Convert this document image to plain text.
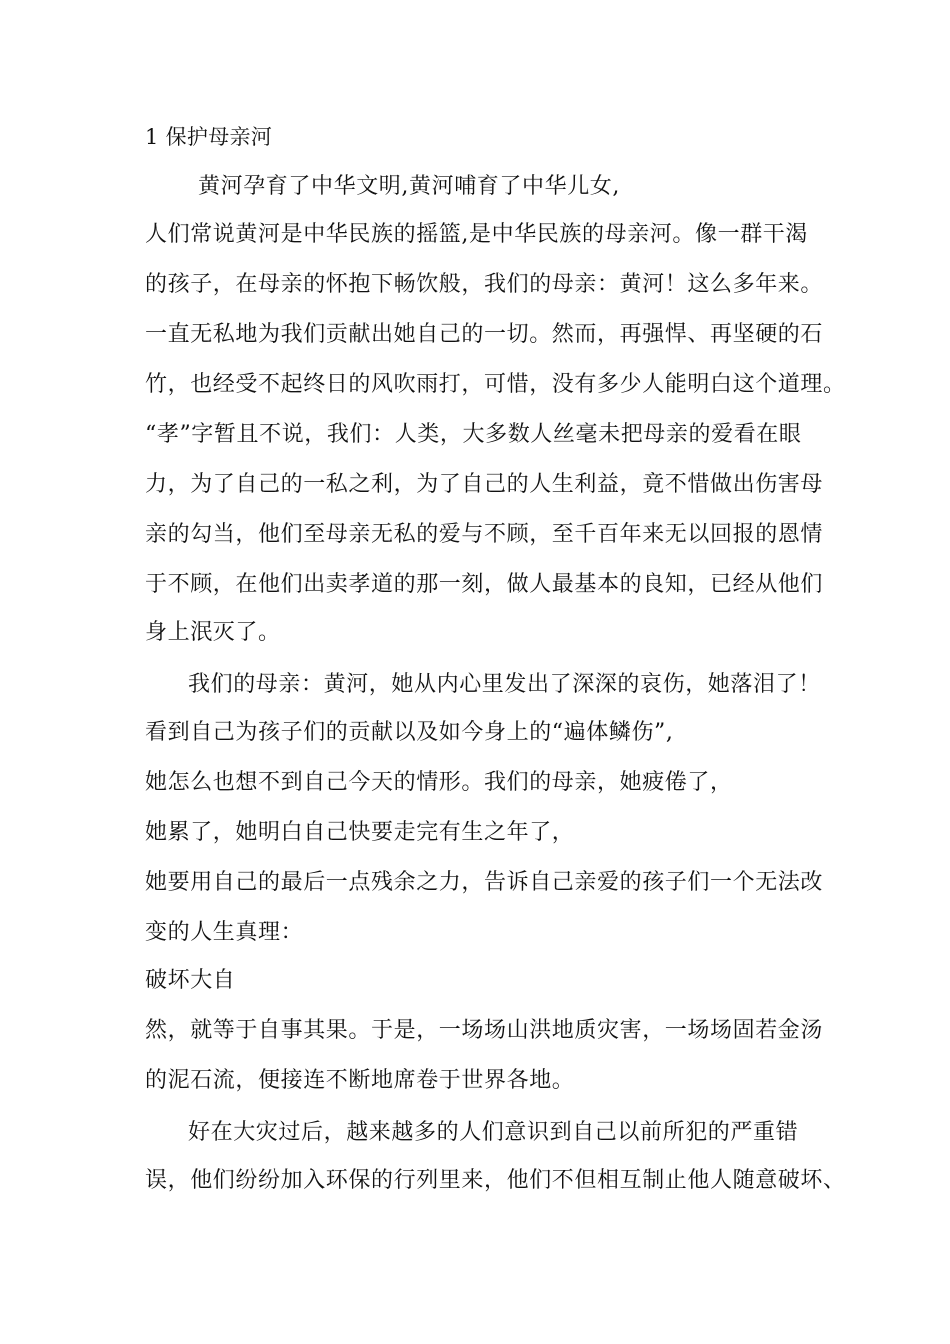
1 保护母亲河
黄河孕育了中华文明,黄河哺育了中华儿女,
人们常说黄河是中华民族的摇篮,是中华民族的母亲河。像一群干渴
的孩子，在母亲的怀抱下畅饮般，我们的母亲：黄河！这么多年来。
一直无私地为我们贡献出她自己的一切。然而，再强悍、再坚硬的石
竹，也经受不起终日的风吹雨打，可惜，没有多少人能明白这个道理。
“孝”字暂且不说，我们：人类，大多数人丝毫未把母亲的爱看在眼
力，为了自己的一私之利，为了自己的人生利益，竟不惜做出伤害母
亲的勾当，他们至母亲无私的爱与不顾，至千百年来无以回报的恩情
于不顾，在他们出卖孝道的那一刻，做人最基本的良知，已经从他们
身上泯灭了。
我们的母亲：黄河，她从内心里发出了深深的哀伤，她落泪了！
看到自己为孩子们的贡献以及如今身上的“遍体鳞伤”,
她怎么也想不到自己今天的情形。我们的母亲，她疲倦了，
她累了，她明白自己快要走完有生之年了，
她要用自己的最后一点残余之力，告诉自己亲爱的孩子们一个无法改
变的人生真理：
破坏大自
然，就等于自事其果。于是，一场场山洪地质灾害，一场场固若金汤
的泥石流，便接连不断地席卷于世界各地。
好在大灾过后，越来越多的人们意识到自己以前所犯的严重错
误，他们纷纷加入环保的行列里来，他们不但相互制止他人随意破坏、
